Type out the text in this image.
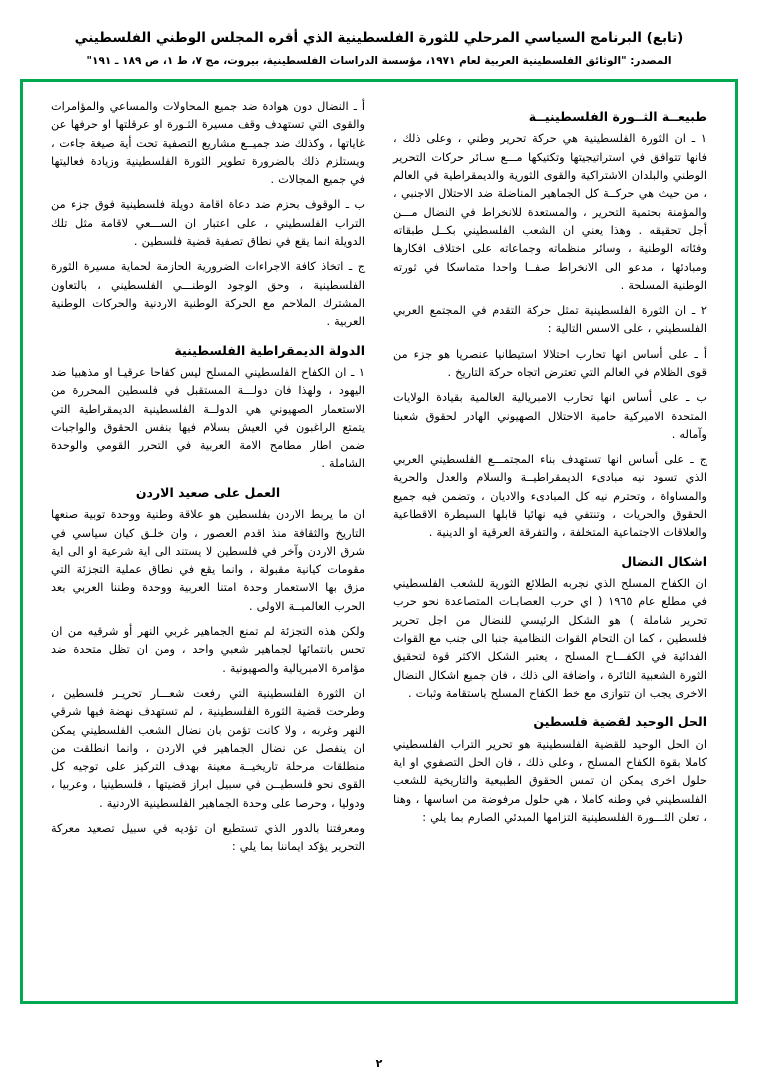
(تابع) البرنامج السياسي المرحلي للثورة الفلسطينية الذي أقره المجلس الوطني الفلسطيني
المصدر: "الوثائق الفلسطينية العربية لعام ١٩٧١، مؤسسة الدراسات الفلسطينية، بيروت، مج ٧، ط ١، ص ١٨٩ ـ ١٩١"
طبيعــة الثــورة الفلسطينيــة

١ ـ ان الثورة الفلسطينية هي حركة تحرير وطني ، وعلى ذلك ، فانها تتوافق في استراتيجيتها وتكتيكها مـــع سـائر حركات التحرير الوطني والبلدان الاشتراكية والقوى الثورية والديمقراطية في العالم ، من حيث هي حركــة كل الجماهير المناضلة ضد الاحتلال الاجنبي ، والمؤمنة بحتمية التحرير ، والمستعدة للانخراط في النضال مـــن أجل تحقيقه . وهذا يعني ان الشعب الفلسطيني بكــل طبقاته وفئاته الوطنية ، وسائر منظماته وجماعاته على اختلاف افكارها ومبادئها ، مدعو الى الانخراط صفــا واحدا متماسكا في ثورته الوطنية المسلحة .

٢ ـ ان الثورة الفلسطينية تمثل حركة التقدم في المجتمع العربي الفلسطيني ، على الاسس التالية :

أ ـ على أساس انها تحارب احتلالا استيطانيا عنصريا هو جزء من قوى الظلام في العالم التي تعترض اتجاه حركة التاريخ .

ب ـ على أساس انها تحارب الامبريالية العالمية بقيادة الولايات المتحدة الاميركية حامية الاحتلال الصهيوني الهادر لحقوق شعبنا وآماله .

ج ـ على أساس انها تستهدف بناء المجتمـــع الفلسطيني العربي الذي تسود نيه مبادىء الديمقراطيــة والسلام والعدل والحرية والمساواة ، وتحترم نيه كل المبادىء والاديان ، وتضمن فيه جميع الحقوق والحريات ، وتنتفي فيه نهائيا قابلها السيطرة الاقطاعية والعلاقات الاجتماعية المتخلفة ، والتفرقة العرقية او الدينية .

اشكال النضال

ان الكفاح المسلح الذي نجربه الطلائع الثورية للشعب الفلسطيني في مطلع عام ١٩٦٥ ( اي حرب العصابـات المتصاعدة نحو حرب تحرير شاملة ) هو الشكل الرئيسي للنضال من اجل تحرير فلسطين ، كما ان التحام القوات النظامية جنبا الى جنب مع القوات الفدائية في الكفـــاح المسلح ، يعتبر الشكل الاكثر قوة لتحقيق الثورة الشعبية الثائرة ، واضافة الى ذلك ، فان جميع اشكال النضال الاخرى يجب ان تتوازى مع خط الكفاح المسلح باستقامة وثبات .

الحل الوحيد لقضية فلسطين

ان الحل الوحيد للقضية الفلسطينية هو تحرير التراب الفلسطيني كاملا بقوة الكفاح المسلح ، وعلى ذلك ، فان الحل التصفوي او اية حلول اخرى يمكن ان تمس الحقوق الطبيعية والتاريخية للشعب الفلسطيني في وطنه كاملا ، هي حلول مرفوضة من اساسها ، وهنا ، تعلن الثـــورة الفلسطينية التزامها المبدئي الصارم بما يلي :

أ ـ النضال دون هوادة ضد جميع المحاولات والمساعي والمؤامرات والقوى التي تستهدف وقف مسيرة الثـورة او عرقلتها او حرفها عن غاياتها ، وكذلك ضد جميــع مشاريع التصفية تحت أية صيغة جاءت ، ويستلزم ذلك بالضرورة تطوير الثورة الفلسطينية وزيادة فعاليتها في جميع المجالات .

ب ـ الوقوف بحزم ضد دعاة اقامة دويلة فلسطينية فوق جزء من التراب الفلسطيني ، على اعتبار ان الســـعي لاقامة مثل تلك الدويلة انما يقع في نطاق تصفية قضية فلسطين .

ج ـ اتخاذ كافة الاجراءات الضرورية الحازمة لحماية مسيرة الثورة الفلسطينية ، وحق الوجود الوطنـــي الفلسطيني ، بالتعاون المشترك الملاحم مع الحركة الوطنية الاردنية والحركات الوطنية العربية .

الدولة الديمقراطية الفلسطينية

١ ـ ان الكفاح الفلسطيني المسلح ليس كفاحا عرقيـا او مذهبيا ضد اليهود ، ولهذا فان دولـــة المستقبل في فلسطين المحررة من الاستعمار الصهيوني هي الدولــة الفلسطينية الديمقراطية التي يتمتع الراغبون في العيش بسلام فيها بنفس الحقوق والواجبات ضمن اطار مطامح الامة العربية في التحرر القومي والوحدة الشاملة .

العمل على صعيد الاردن

ان ما يربط الاردن بفلسطين هو علاقة وطنية ووحدة توبية صنعها التاريخ والثقافة منذ اقدم العصور ، وان خلـق كيان سياسي في شرق الاردن وآخر في فلسطين لا يستند الى اية شرعية او الى اية مقومات كيانية مقبولة ، وانما يقع في نطاق عملية التجزئة التي مزق بها الاستعمار وحدة امتنا العربية ووحدة وطننا العربي بعد الحرب العالميــة الاولى .

ولكن هذه التجزئة لم تمنع الجماهير غربي النهر أو شرقيه من ان تحس بانتمائها لجماهير شعبي واحد ، ومن ان تظل متحدة ضد مؤامرة الامبريالية والصهيونية .

ان الثورة الفلسطينية التي رفعت شعـــار تحريـر فلسطين ، وطرحت قضية الثورة الفلسطينية ، لم تستهدف نهضة فيها شرقي النهر وغربه ، ولا كانت تؤمن بان نضال الشعب الفلسطيني يمكن ان ينفصل عن نضال الجماهير في الاردن ، وانما انطلقت من منطلقات مرحلة تاريخيــة معينة بهدف التركيز على توجيه كل القوى نحو فلسطيــن في سبيل ابراز قضيتها ، فلسطينيا ، وعربيا ، ودوليا ، وحرصا على وحدة الجماهير الفلسطينية الاردنية .

ومعرفتنا بالدور الذي تستطيع ان تؤديه في سبيل تصعيد معركة التحرير يؤكد ايماننا بما يلي :

٢
